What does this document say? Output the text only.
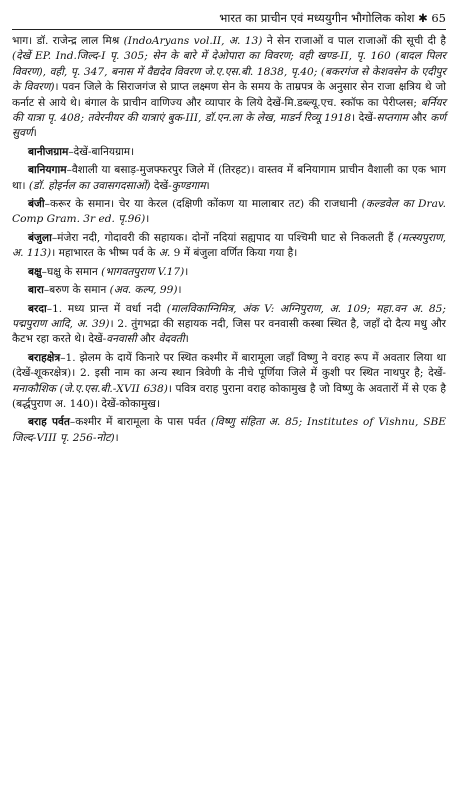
भारत का प्राचीन एवं मध्ययुगीन भौगोलिक कोश ✱ 65

भाग। डॉ. राजेन्द्र लाल मिश्र (IndoAryans vol.II, अ. 13) ने सेन राजाओं व पाल राजाओं की सूची दी है (देखें EP. Ind.जिल्द-I पृ. 305; सेन के बारे में देओपारा का विवरण; वही खण्ड-II, पृ. 160 (बादल पिलर विवरण), वही, पृ. 347, बनास में वैद्यदेव विवरण जे.ए.एस.बी. 1838, पृ.40; (बकरगंज से केशवसेन के एदीपुर के विवरण)। पवन जिले के सिराजगंज से प्राप्त लक्ष्मण सेन के समय के ताम्रपत्र के अनुसार सेन राजा क्षत्रिय थे जो कर्नाट से आये थे। बंगाल के प्राचीन वाणिज्य और व्यापार के लिये देखें-मि.डब्ल्यू.एच. स्कॉफ का पेरीप्लस; बर्नियर की यात्रा पृ. 408; तवेरनीयर की यात्राएं बुक-III, डॉ.एन.ला के लेख, माडर्न रिव्यू 1918। देखें-सप्तगाम और कर्ण सुवर्ण।

बानीजग्राम–देखें-बानियग्राम।

बानियगाम–वैशाली या बसाड़-मुजफ्फरपुर जिले में (तिरहट)। वास्तव में बनियागाम प्राचीन वैशाली का एक भाग था। (डॉ. होइर्नल का उवासगदसाओं) देखें-कुण्डगाम।

बंजी–करूर के समान। चेर या केरल (दक्षिणी कोंकण या मालाबार तट) की राजधानी (कल्डवेल का Drav. Comp Gram. 3r ed. पृ.96)।

बंजुला–मंजेरा नदी, गोदावरी की सहायक। दोनों नदियां सह्यपाद या पश्चिमी घाट से निकलती हैं (मत्स्यपुराण, अ. 113)। महाभारत के भीष्म पर्व के अ. 9 में बंजुला वर्णित किया गया है।

बक्षु–घक्षु के समान (भागवतपुराण V.17)।

बारा–बरुण के समान (अव. कल्प, 99)।

बरदा–1. मध्य प्रान्त में वर्धा नदी (मालविकाग्निमित्र, अंक V: अग्निपुराण, अ. 109; महा.वन अ. 85; पद्मपुराण आदि, अ. 39)। 2. तुंगभद्रा की सहायक नदी, जिस पर वनवासी कस्बा स्थित है, जहाँ दो दैत्य मधु और कैटभ रहा करते थे। देखें-वनवासी और वेदवती।

बराहक्षेत्र–1. झेलम के दायें किनारे पर स्थित कश्मीर में बारामूला जहाँ विष्णु ने वराह रूप में अवतार लिया था (देखें-शूकरक्षेत्र)। 2. इसी नाम का अन्य स्थान त्रिवेणी के नीचे पूर्णिया जिले में कुशी पर स्थित नाथपुर है; देखें-मनाकौशिक (जे.ए.एस.बी.-XVII 638)। पवित्र वराह पुराना वराह कोकामुख है जो विष्णु के अवतारों में से एक है (बर्द्धपुराण अ. 140)। देखें-कोकामुख।

बराह पर्वत–कश्मीर में बारामूला के पास पर्वत (विष्णु संहिता अ. 85; Institutes of Vishnu, SBE जिल्द-VIII पृ. 256-नोट)।
